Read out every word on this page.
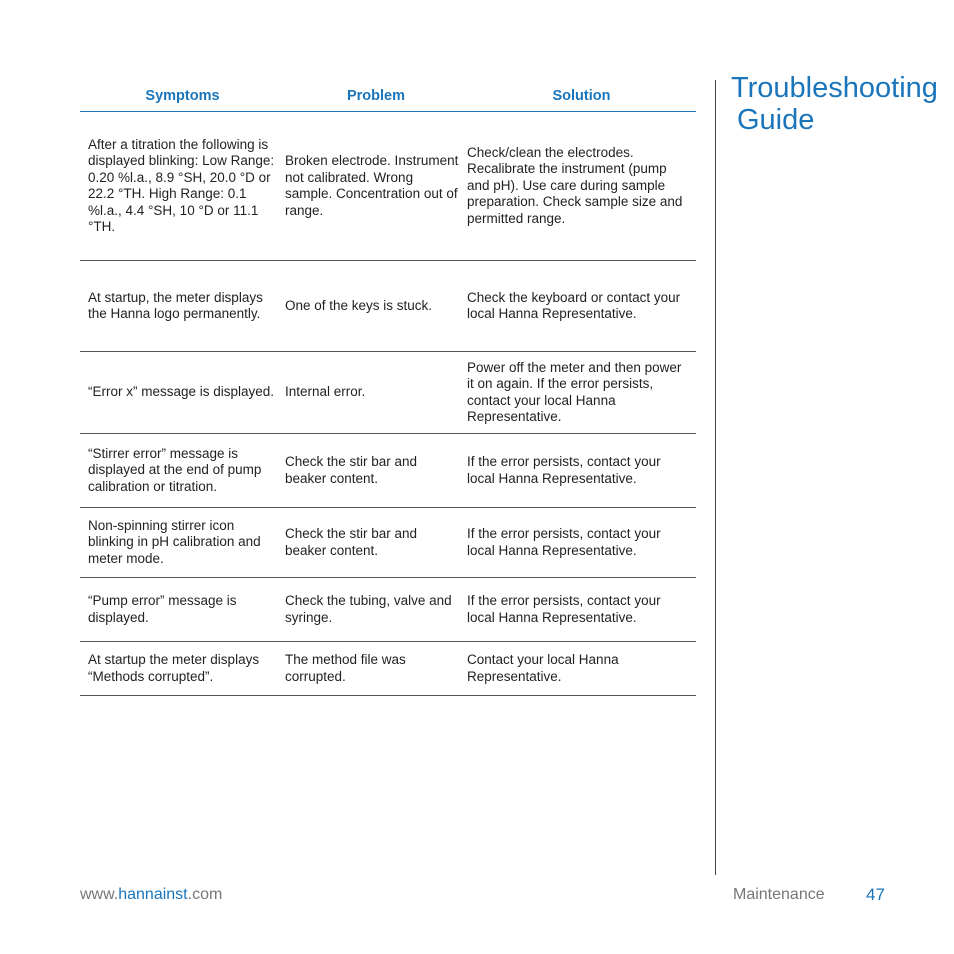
Symptoms	Problem	Solution
After a titration the following is displayed blinking: Low Range: 0.20 %l.a., 8.9 °SH, 20.0 °D or 22.2 °TH. High Range: 0.1 %l.a., 4.4 °SH, 10 °D or 11.1 °TH.	Broken electrode. Instrument not calibrated. Wrong sample. Concentration out of range.	Check/clean the electrodes. Recalibrate the instrument (pump and pH). Use care during sample preparation. Check sample size and permitted range.
At startup, the meter displays the Hanna logo permanently.	One of the keys is stuck.	Check the keyboard or contact your local Hanna Representative.
“Error x” message is displayed.	Internal error.	Power off the meter and then power it on again. If the error persists, contact your local Hanna Representative.
“Stirrer error” message is displayed at the end of pump calibration or titration.	Check the stir bar and beaker content.	If the error persists, contact your local Hanna Representative.
Non-spinning stirrer icon blinking in pH calibration and meter mode.	Check the stir bar and beaker content.	If the error persists, contact your local Hanna Representative.
“Pump error” message is displayed.	Check the tubing, valve and syringe.	If the error persists, contact your local Hanna Representative.
At startup the meter displays “Methods corrupted”.	The method file was corrupted.	Contact your local Hanna Representative.
Troubleshooting
Guide
www.hannainst.com	Maintenance 47
